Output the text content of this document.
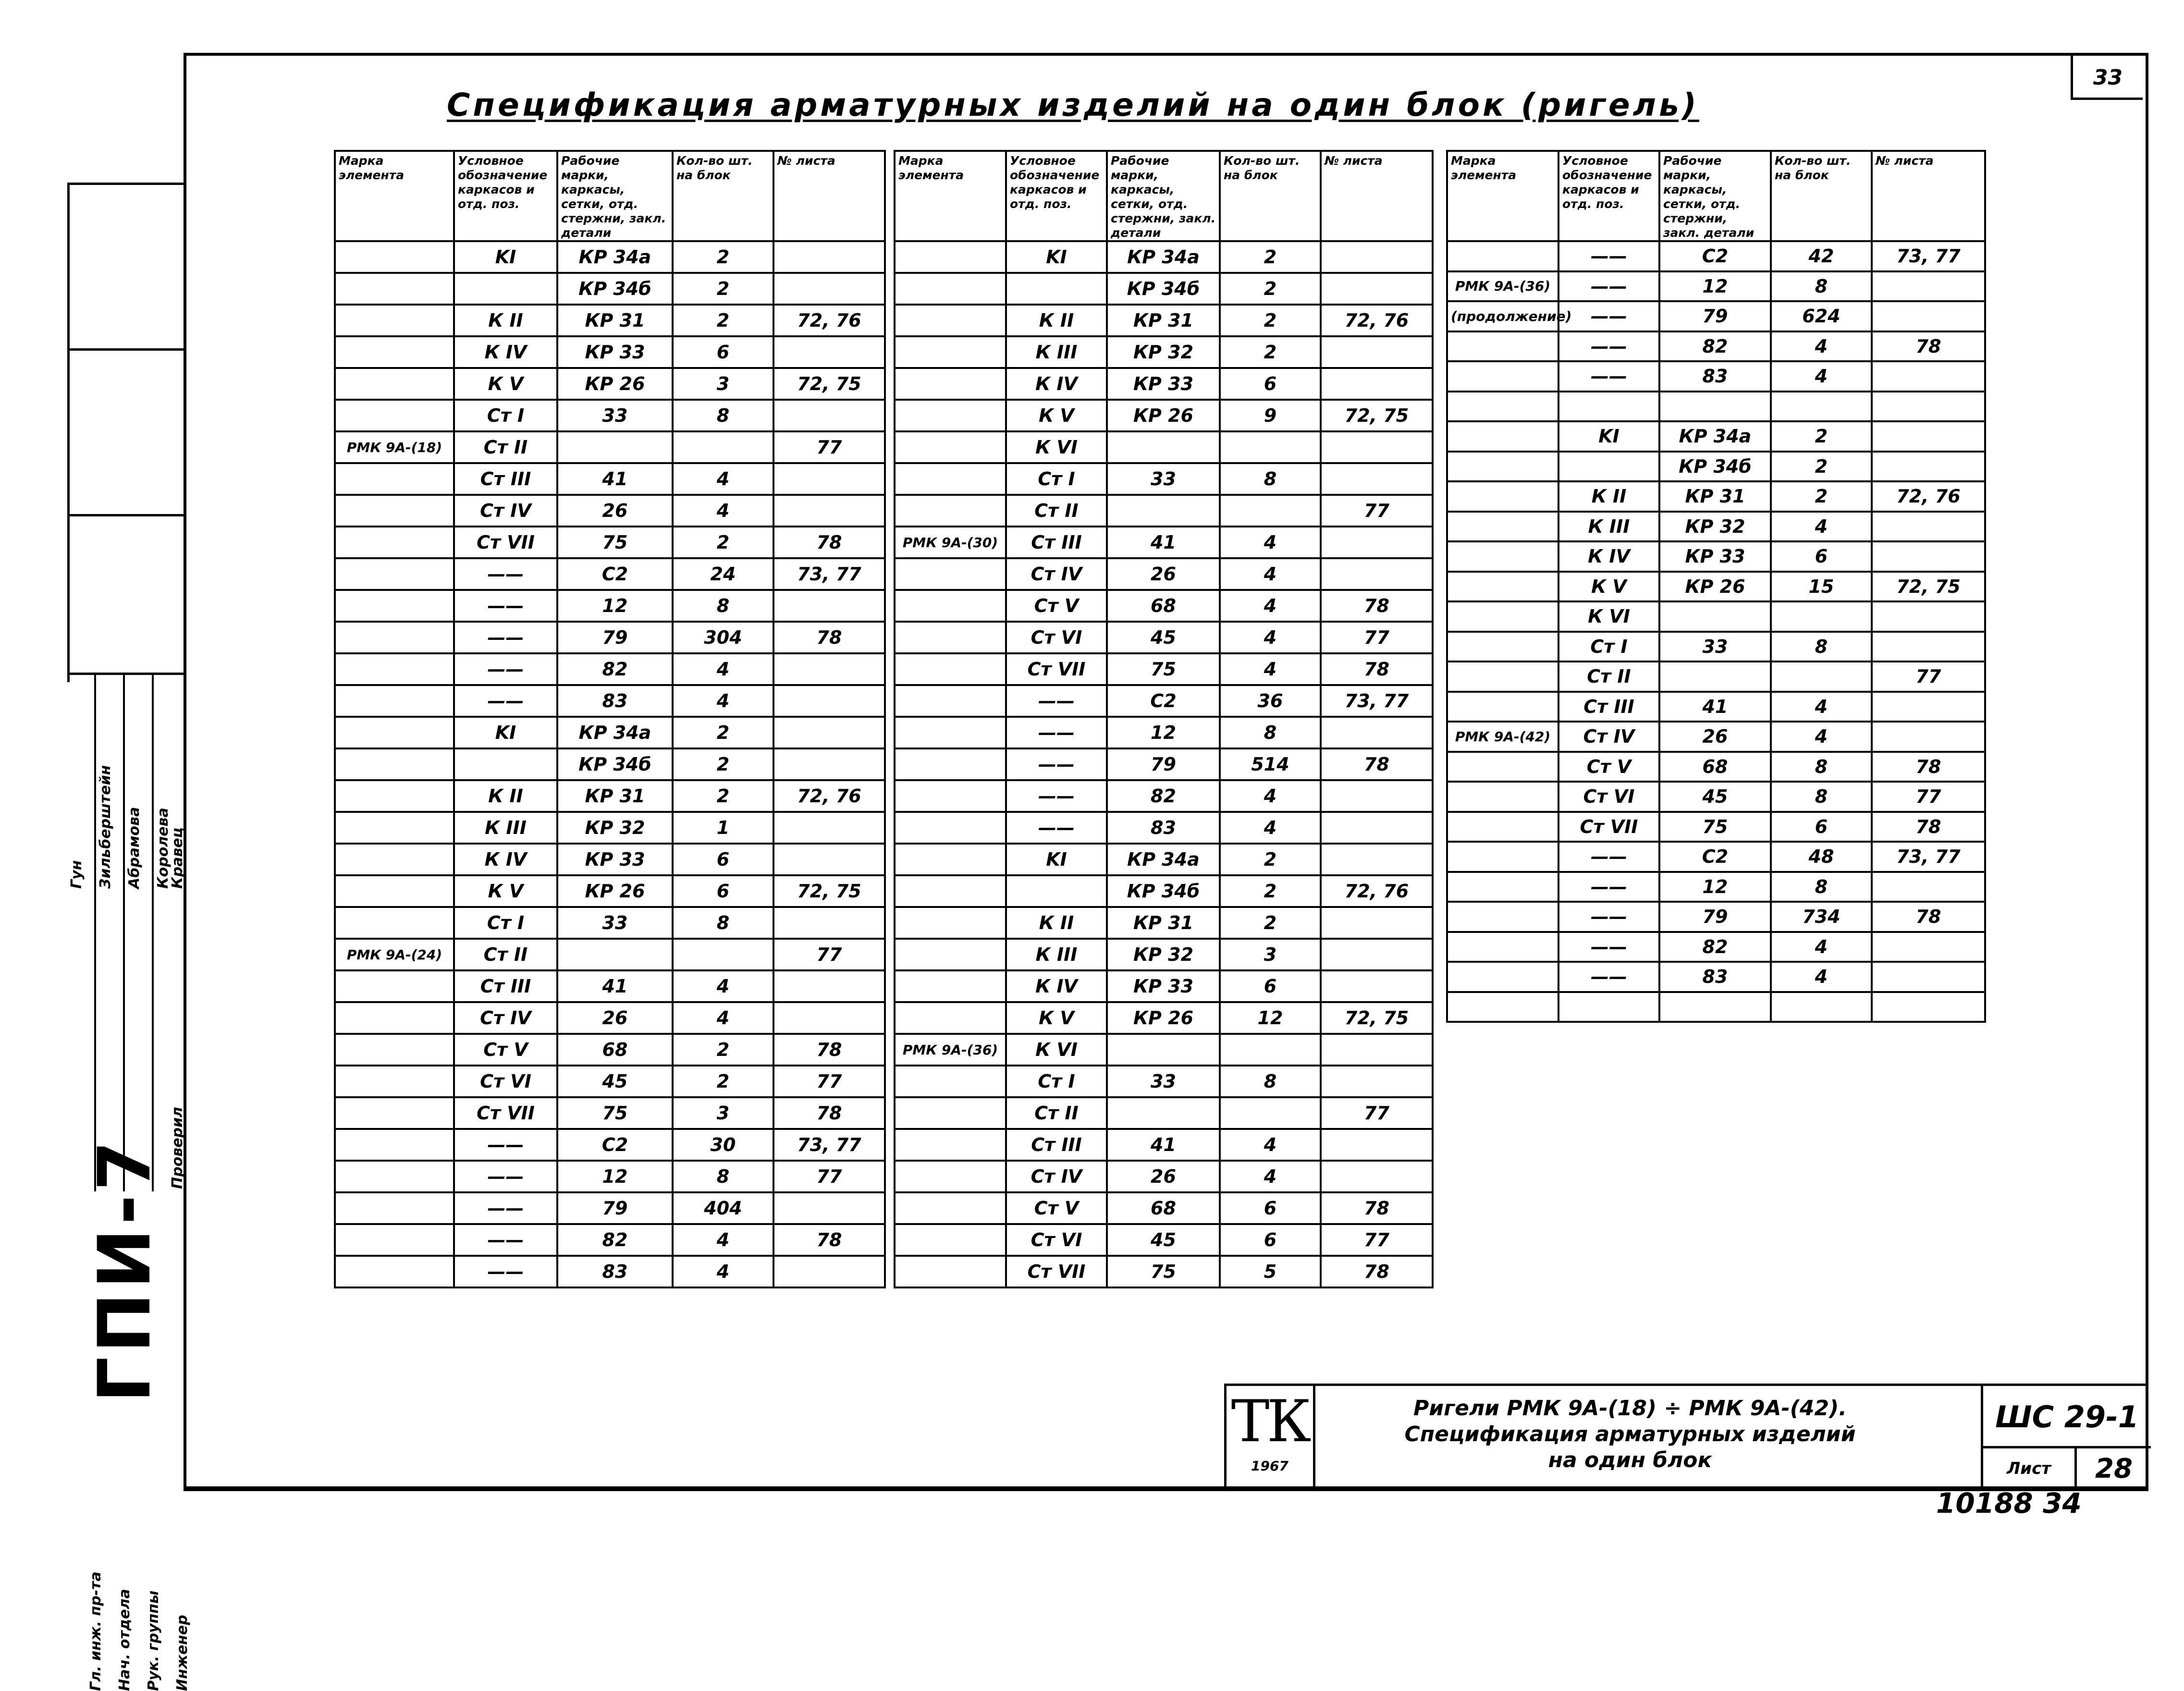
33
Спецификация арматурных изделий на один блок (ригель)
Марка элемента	Условное обозначение каркасов и отд. поз.	Рабочие марки, каркасы, сетки, отд. стержни, закл. детали	Кол-во шт. на блок	№ листа
	KI	КР 34а	2	
		КР 34б	2	
	К II	КР 31	2	72, 76
	К IV	КР 33	6	
	К V	КР 26	3	72, 75
	Ст I	33	8	
РМК 9А-(18)	Ст II			77
	Ст III	41	4	
	Ст IV	26	4	
	Ст VII	75	2	78
	——	С2	24	73, 77
	——	12	8	
	——	79	304	78
	——	82	4	
	——	83	4	
	KI	КР 34а	2	
		КР 34б	2	
	К II	КР 31	2	72, 76
	К III	КР 32	1	
	К IV	КР 33	6	
	К V	КР 26	6	72, 75
	Ст I	33	8	
РМК 9А-(24)	Ст II			77
	Ст III	41	4	
	Ст IV	26	4	
	Ст V	68	2	78
	Ст VI	45	2	77
	Ст VII	75	3	78
	——	С2	30	73, 77
	——	12	8	77
	——	79	404	
	——	82	4	78
	——	83	4	
Марка элемента	Условное обозначение каркасов и отд. поз.	Рабочие марки, каркасы, сетки, отд. стержни, закл. детали	Кол-во шт. на блок	№ листа
	KI	КР 34а	2	
		КР 34б	2	
	К II	КР 31	2	72, 76
	К III	КР 32	2	
	К IV	КР 33	6	
	К V	КР 26	9	72, 75
	К VI			
	Ст I	33	8	
	Ст II			77
РМК 9А-(30)	Ст III	41	4	
	Ст IV	26	4	
	Ст V	68	4	78
	Ст VI	45	4	77
	Ст VII	75	4	78
	——	С2	36	73, 77
	——	12	8	
	——	79	514	78
	——	82	4	
	——	83	4	
	KI	КР 34а	2	
		КР 34б	2	72, 76
	К II	КР 31	2	
	К III	КР 32	3	
	К IV	КР 33	6	
	К V	КР 26	12	72, 75
РМК 9А-(36)	К VI			
	Ст I	33	8	
	Ст II			77
	Ст III	41	4	
	Ст IV	26	4	
	Ст V	68	6	78
	Ст VI	45	6	77
	Ст VII	75	5	78
Марка элемента	Условное обозначение каркасов и отд. поз.	Рабочие марки, каркасы, сетки, отд. стержни, закл. детали	Кол-во шт. на блок	№ листа
	——	С2	42	73, 77
РМК 9А-(36)	——	12	8	
(продолжение)	——	79	624	
	——	82	4	78
	——	83	4	

	KI	КР 34а	2	
		КР 34б	2	
	К II	КР 31	2	72, 76
	К III	КР 32	4	
	К IV	КР 33	6	
	К V	КР 26	15	72, 75
	К VI			
	Ст I	33	8	
	Ст II			77
	Ст III	41	4	
РМК 9А-(42)	Ст IV	26	4	
	Ст V	68	8	78
	Ст VI	45	8	77
	Ст VII	75	6	78
	——	С2	48	73, 77
	——	12	8	
	——	79	734	78
	——	82	4	
	——	83	4	

Гл. инж. пр-та Нач. отдела Рук. группы Инженер
Гун Зильберштейн Абрамова Королева
Кравец
Проверил
ГПИ-7
ТК
1967
Ригели РМК 9А-(18) ÷ РМК 9А-(42).
Спецификация арматурных изделий
на один блок
ШС 29-1
Лист	28
10188 34
